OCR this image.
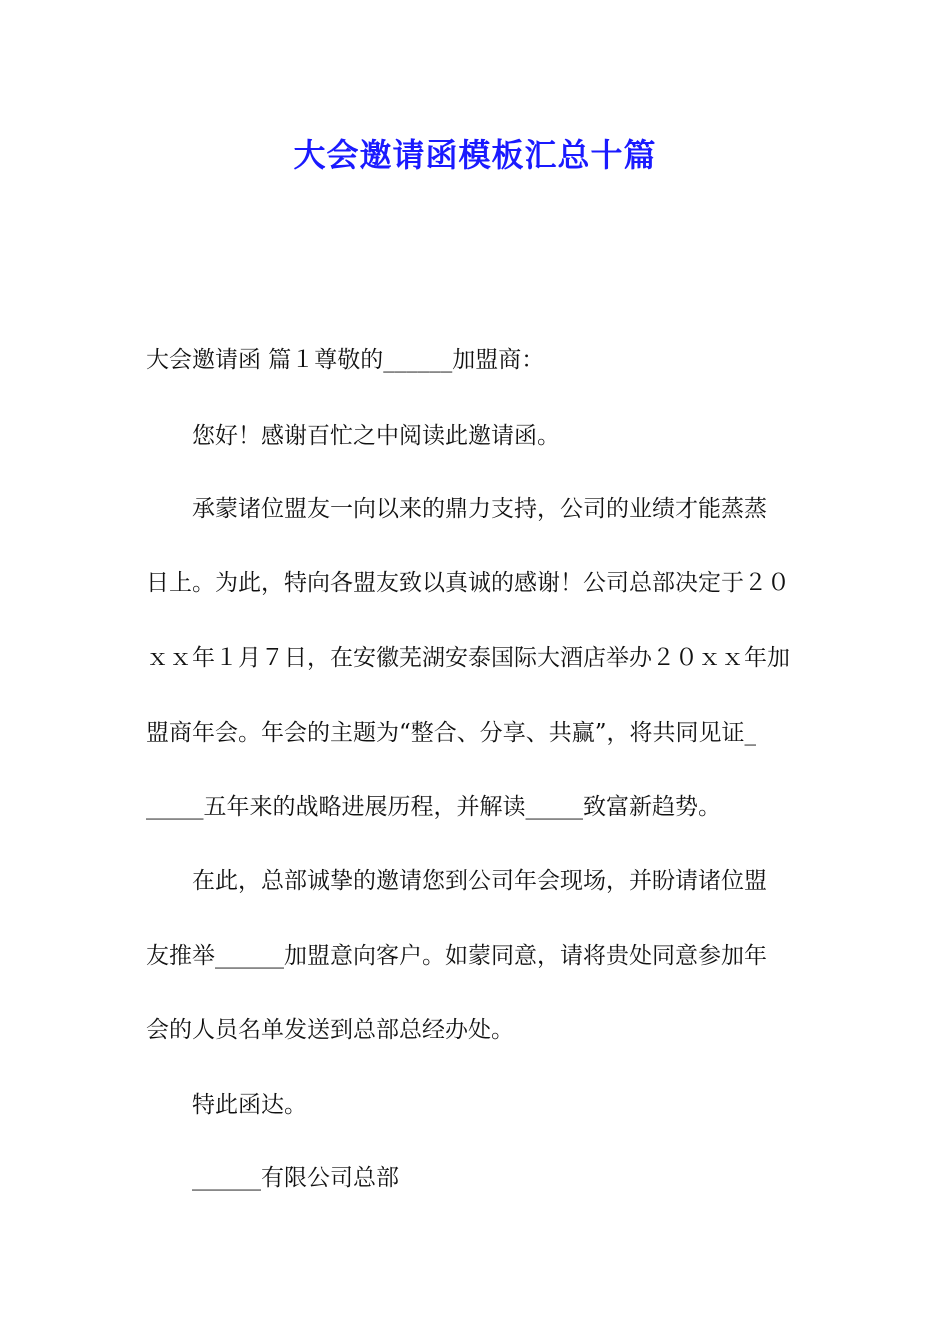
大会邀请函模板汇总十篇

大会邀请函 篇１尊敬的______加盟商：

您好！感谢百忙之中阅读此邀请函。

承蒙诸位盟友一向以来的鼎力支持，公司的业绩才能蒸蒸

日上。为此，特向各盟友致以真诚的感谢！公司总部决定于２０

ｘｘ年１月７日，在安徽芜湖安泰国际大酒店举办２０ｘｘ年加

盟商年会。年会的主题为“整合、分享、共赢”，将共同见证_

_____五年来的战略进展历程，并解读_____致富新趋势。

在此，总部诚挚的邀请您到公司年会现场，并盼请诸位盟

友推举______加盟意向客户。如蒙同意，请将贵处同意参加年

会的人员名单发送到总部总经办处。

特此函达。

______有限公司总部
